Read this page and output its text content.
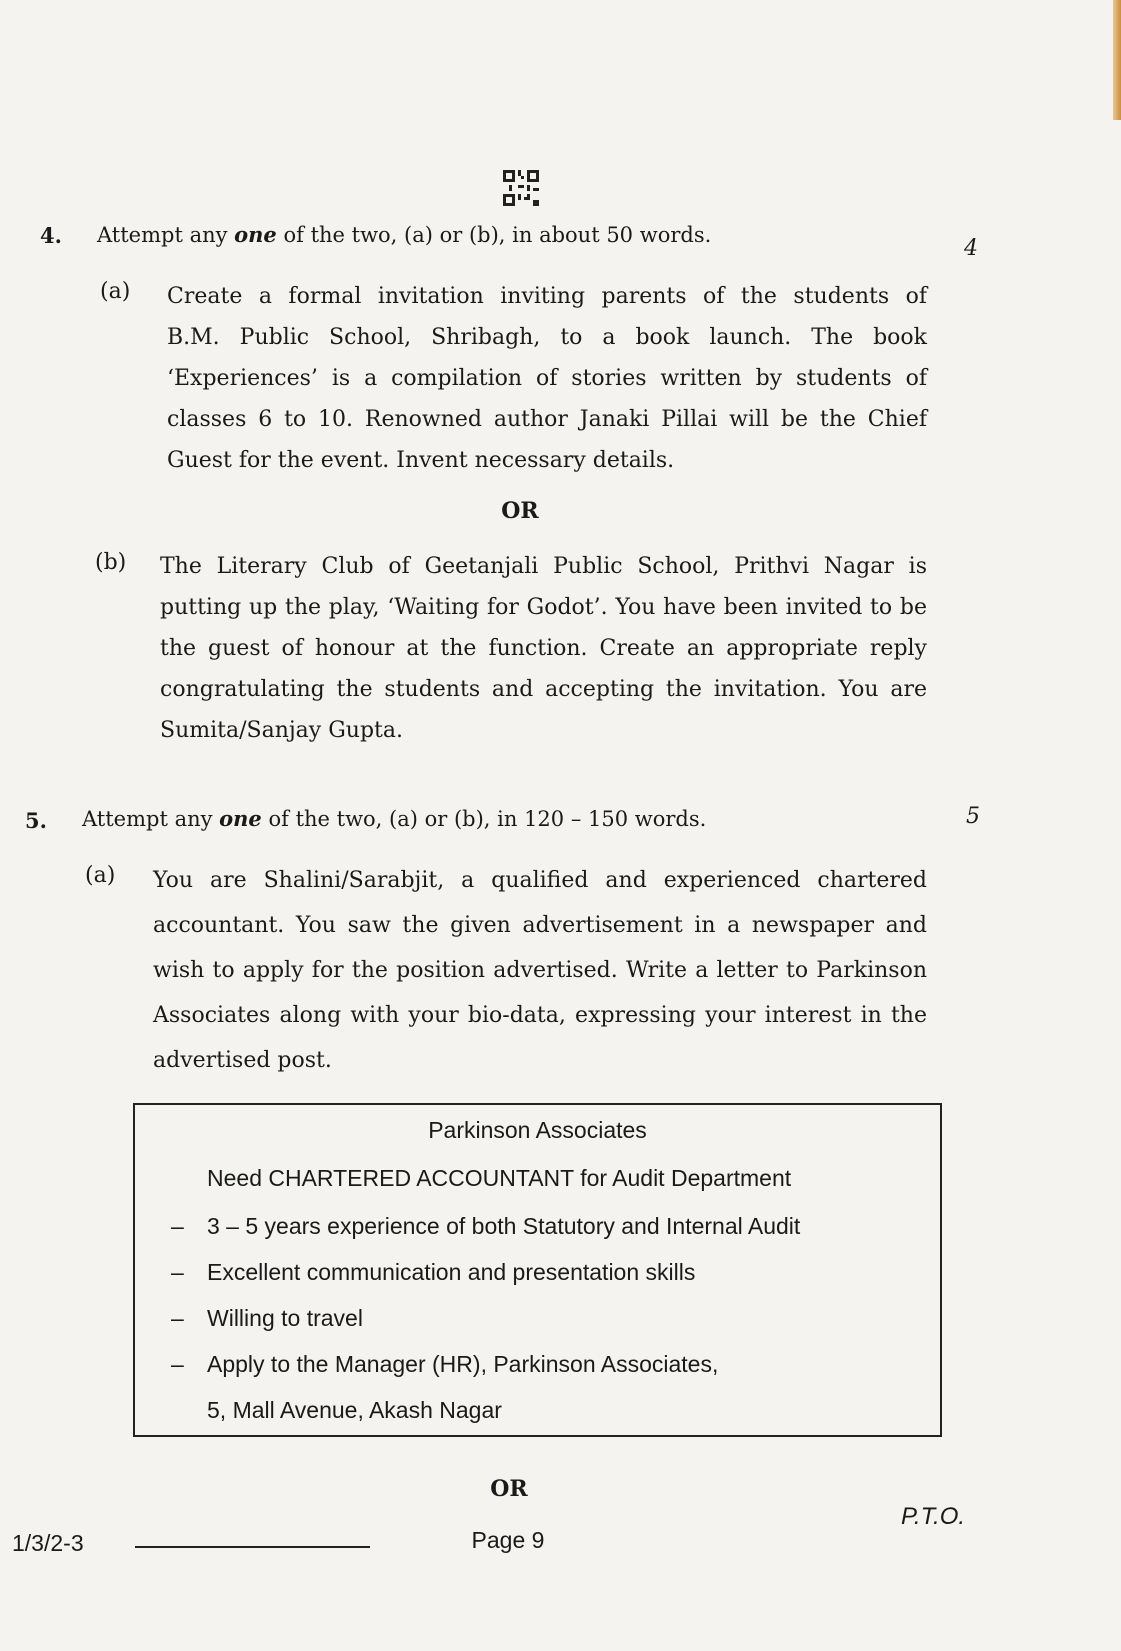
4. Attempt any one of the two, (a) or (b), in about 50 words.
4
(a) Create a formal invitation inviting parents of the students of
B.M. Public School, Shribagh, to a book launch. The book
‘Experiences’ is a compilation of stories written by students of
classes 6 to 10. Renowned author Janaki Pillai will be the Chief
Guest for the event. Invent necessary details.
OR
(b) The Literary Club of Geetanjali Public School, Prithvi Nagar is
putting up the play, ‘Waiting for Godot’. You have been invited to be
the guest of honour at the function. Create an appropriate reply
congratulating the students and accepting the invitation. You are
Sumita/Sanjay Gupta.
5. Attempt any one of the two, (a) or (b), in 120 – 150 words.	5
(a) You are Shalini/Sarabjit, a qualified and experienced chartered
accountant. You saw the given advertisement in a newspaper and
wish to apply for the position advertised. Write a letter to Parkinson
Associates along with your bio-data, expressing your interest in the
advertised post.
Parkinson Associates
Need CHARTERED ACCOUNTANT for Audit Department
–	3 – 5 years experience of both Statutory and Internal Audit
–	Excellent communication and presentation skills
–	Willing to travel
–	Apply to the Manager (HR), Parkinson Associates,
5, Mall Avenue, Akash Nagar
OR
1/3/2-3	Page 9
P.T.O.
